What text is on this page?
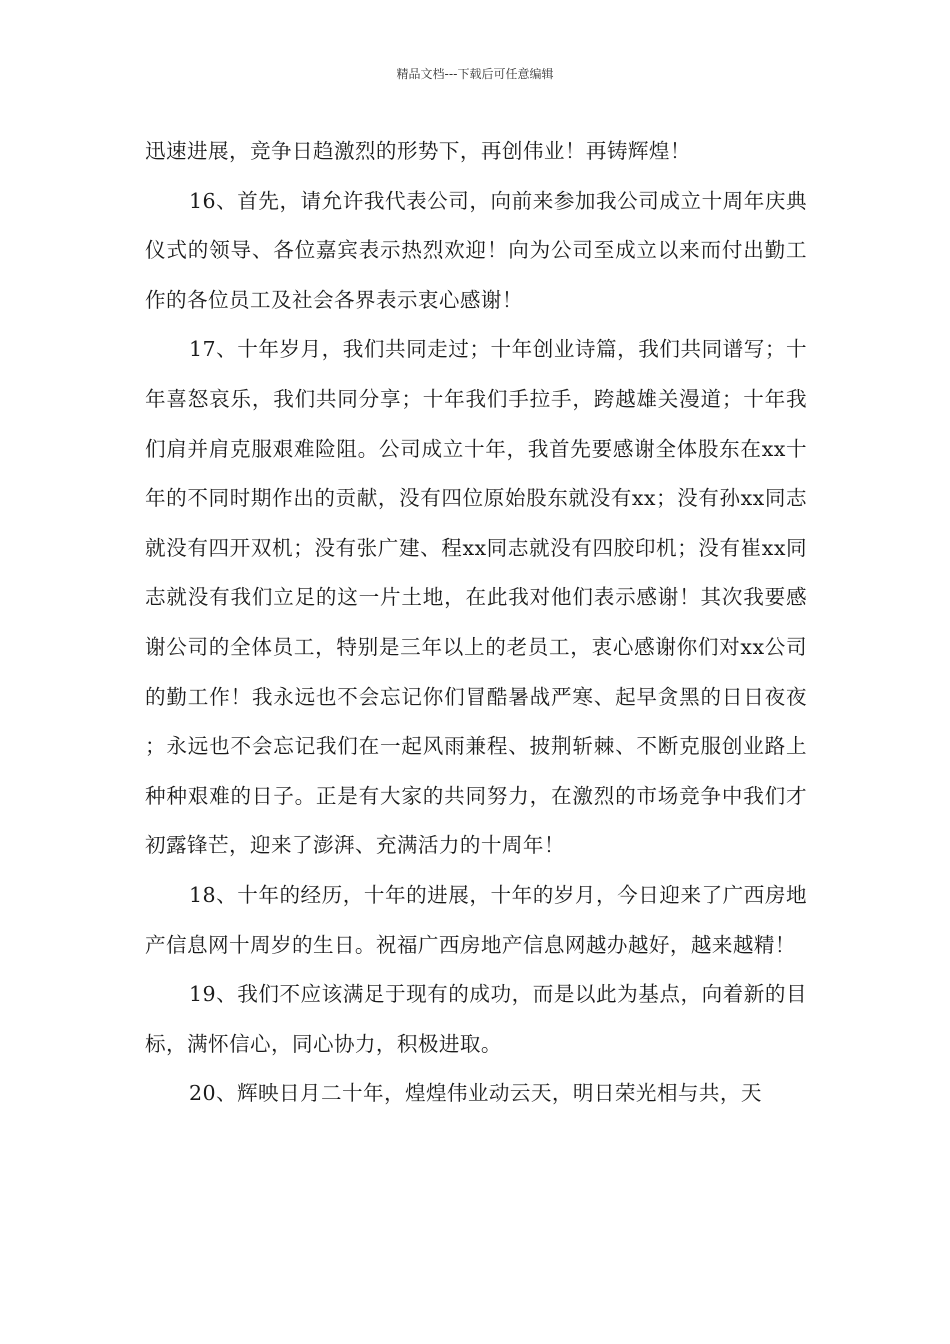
精品文档---下载后可任意编辑

迅速进展，竞争日趋激烈的形势下，再创伟业！再铸辉煌！

16、首先，请允许我代表公司，向前来参加我公司成立十周年庆典仪式的领导、各位嘉宾表示热烈欢迎！向为公司至成立以来而付出勤工作的各位员工及社会各界表示衷心感谢！

17、十年岁月，我们共同走过；十年创业诗篇，我们共同谱写；十年喜怒哀乐，我们共同分享；十年我们手拉手，跨越雄关漫道；十年我们肩并肩克服艰难险阻。公司成立十年，我首先要感谢全体股东在xx十年的不同时期作出的贡献，没有四位原始股东就没有xx；没有孙xx同志就没有四开双机；没有张广建、程xx同志就没有四胶印机；没有崔xx同志就没有我们立足的这一片土地，在此我对他们表示感谢！其次我要感谢公司的全体员工，特别是三年以上的老员工，衷心感谢你们对xx公司的勤工作！我永远也不会忘记你们冒酷暑战严寒、起早贪黑的日日夜夜；永远也不会忘记我们在一起风雨兼程、披荆斩棘、不断克服创业路上种种艰难的日子。正是有大家的共同努力，在激烈的市场竞争中我们才初露锋芒，迎来了澎湃、充满活力的十周年！

18、十年的经历，十年的进展，十年的岁月，今日迎来了广西房地产信息网十周岁的生日。祝福广西房地产信息网越办越好，越来越精！

19、我们不应该满足于现有的成功，而是以此为基点，向着新的目标，满怀信心，同心协力，积极进取。

20、辉映日月二十年，煌煌伟业动云天，明日荣光相与共，天
